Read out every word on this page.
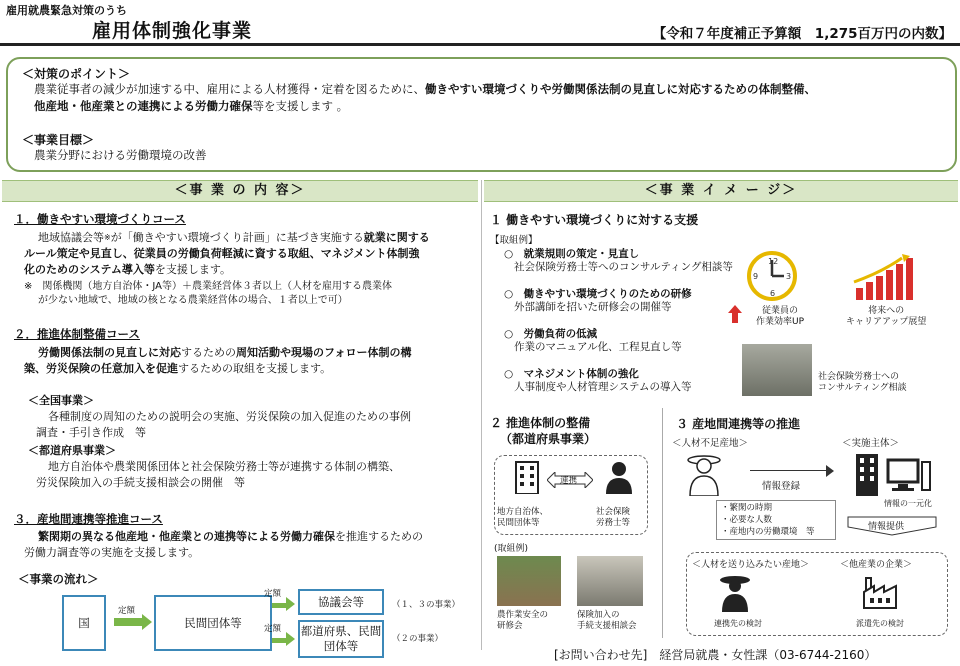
雇用就農緊急対策のうち
雇用体制強化事業	【令和７年度補正予算額　1,275百万円の内数】
＜対策のポイント＞
農業従事者の減少が加速する中、雇用による人材獲得・定着を図るために、働きやすい環境づくりや労働関係法制の見直しに対応するための体制整備、
他産地・他産業との連携による労働力確保等を支援します 。
＜事業目標＞
農業分野における労働環境の改善
＜事 業 の 内 容＞	＜事 業 イ メ ー ジ＞
１．働きやすい環境づくりコース
地域協議会等※が「働きやすい環境づくり計画」に基づき実施する就業に関する
ルール策定や見直し、従業員の労働負荷軽減に資する取組、マネジメント体制強
化のためのシステム導入等を支援します。
※　関係機関（地方自治体・JA等）＋農業経営体３者以上（人材を雇用する農業体
が少ない地域で、地域の核となる農業経営体の場合、１者以上で可）
２．推進体制整備コース
労働関係法制の見直しに対応するための周知活動や現場のフォロー体制の構
築、労災保険の任意加入を促進するための取組を支援します。
＜全国事業＞
各種制度の周知のための説明会の実施、労災保険の加入促進のための事例
調査・手引き作成　等
＜都道府県事業＞
地方自治体や農業関係団体と社会保険労務士等が連携する体制の構築、
労災保険加入の手続支援相談会の開催　等
３．産地間連携等推進コース
繁閑期の異なる他産地・他産業との連携等による労働力確保を推進するための
労働力調査等の実施を支援します。
＜事業の流れ＞
国
定額
民間団体等
定額
定額
協議会等
都道府県、民間団体等
（１、３の事業）
（２の事業）
１ 働きやすい環境づくりに対する支援
【取組例】
○　就業規則の策定・見直し
社会保険労務士等へのコンサルティング相談等
○　働きやすい環境づくりのための研修
外部講師を招いた研修会の開催等
○　労働負荷の低減
作業のマニュアル化、工程見直し等
○　マネジメント体制の強化
人事制度や人材管理システムの導入等
12
3
6
9
従業員の
作業効率UP
将来への
キャリアアップ展望
社会保険労務士への
コンサルティング相談
２ 推進体制の整備
（都道府県事業）
連携
地方自治体、
民間団体等
社会保険
労務士等
(取組例)
農作業安全の
研修会
保険加入の
手続支援相談会
３ 産地間連携等の推進
＜人材不足産地＞	＜実施主体＞
情報登録
・繁閑の時期
・必要な人数
・産地内の労働環境　等
情報の一元化
情報提供
＜人材を送り込みたい産地＞	＜他産業の企業＞
連携先の検討	派遣先の検討
[お問い合わせ先]　経営局就農・女性課（03-6744-2160）
